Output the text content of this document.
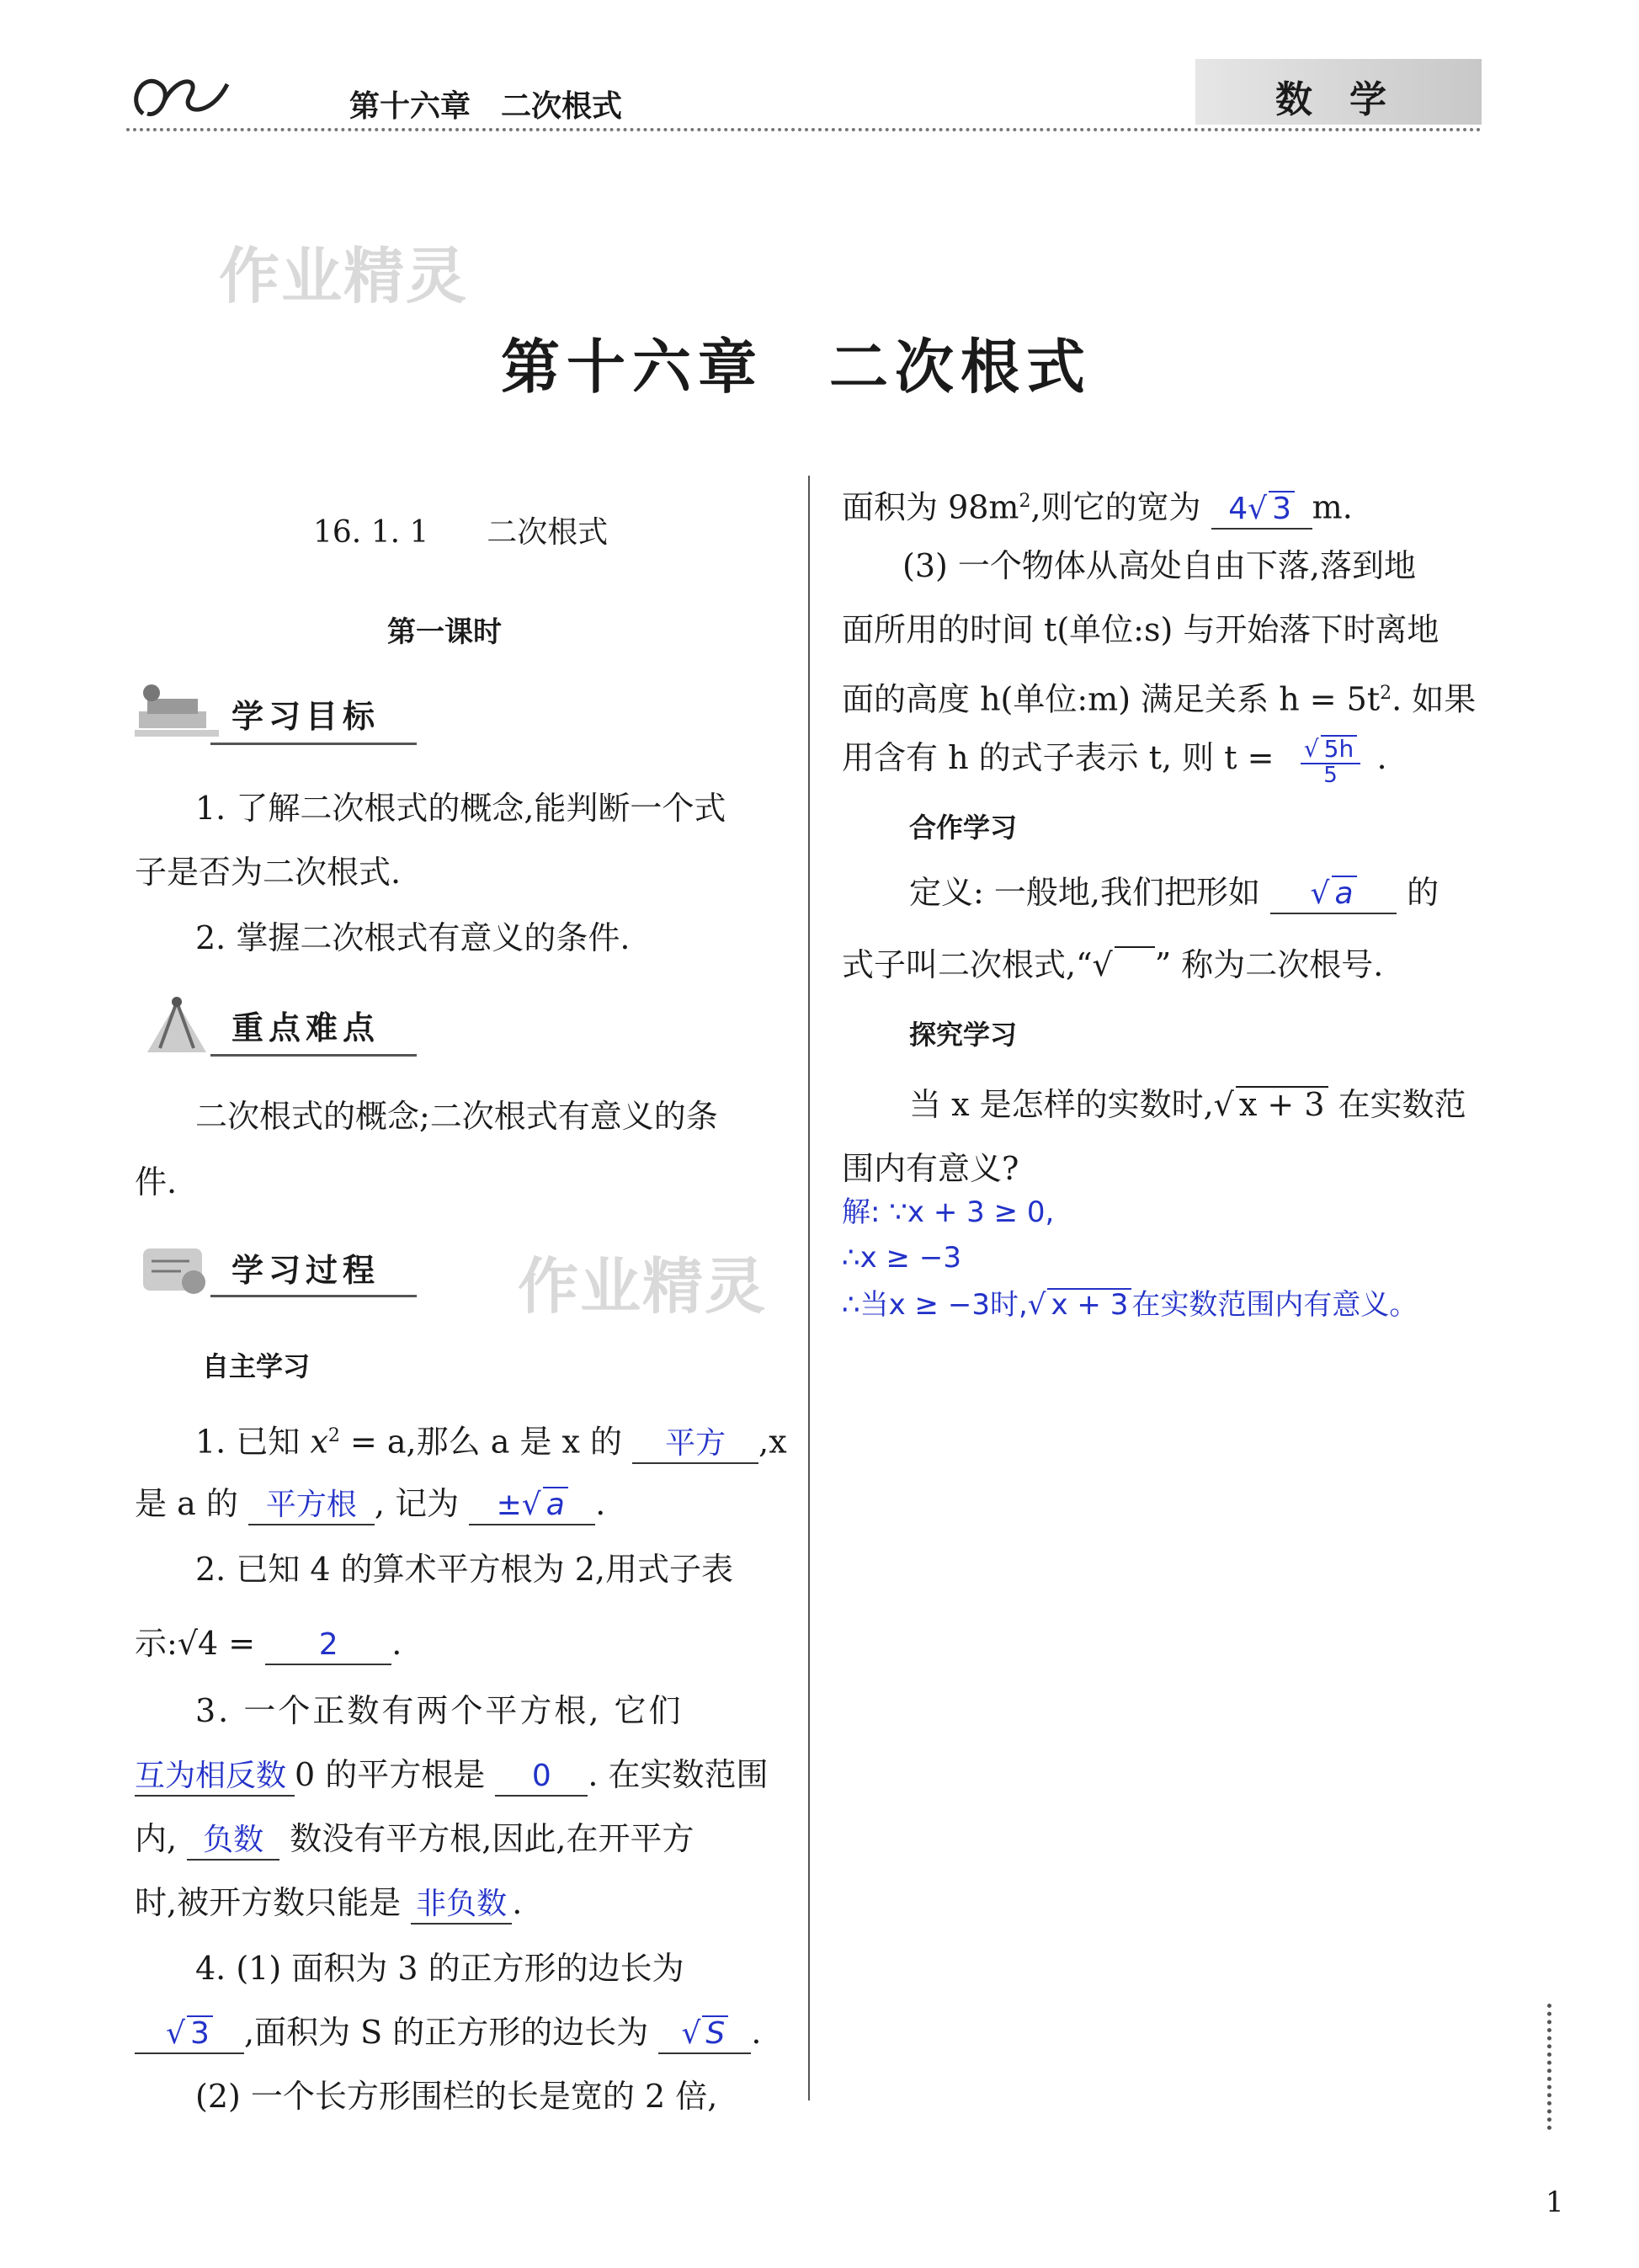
第十六章　二次根式	数　学
作业精灵
作业精灵
第十六章　二次根式
16. 1. 1 二次根式
第一课时
学习目标
1. 了解二次根式的概念,能判断一个式
子是否为二次根式.
2. 掌握二次根式有意义的条件.
重点难点
二次根式的概念;二次根式有意义的条
件.
学习过程
自主学习
1. 已知 $x^2 = a$,那么 a 是 x 的 平方 ,x
是 a 的 平方根 , 记为 ±√ a .
2. 已知 4 的算术平方根为 2,用式子表
示:√4 = 2 .
3. 一个正数有两个平方根, 它们
互为相反数 0 的平方根是 0 . 在实数范围
内, 负数 数没有平方根,因此,在开平方
时,被开方数只能是 非负数 .
4. (1) 面积为 3 的正方形的边长为
√ 3 ,面积为 S 的正方形的边长为 √ S .
(2) 一个长方形围栏的长是宽的 2 倍,
面积为 $98m^2$,则它的宽为 4√ 3 m.
(3) 一个物体从高处自由下落,落到地
面所用的时间 t(单位:s) 与开始落下时离地
面的高度 h(单位:m) 满足关系 $h = 5t^2$. 如果
用含有 h 的式子表示 t, 则 $t = \frac{√ 5h}{5}$ .
合作学习
定义: 一般地,我们把形如 √ a 的
式子叫二次根式,“√ ” 称为二次根号.
探究学习
当 x 是怎样的实数时,√ x + 3 在实数范
围内有意义?
解: ∵x + 3 ≥ 0,
∴x ≥ −3
∴当x ≥ −3时,√ x + 3 在实数范围内有意义。
1
